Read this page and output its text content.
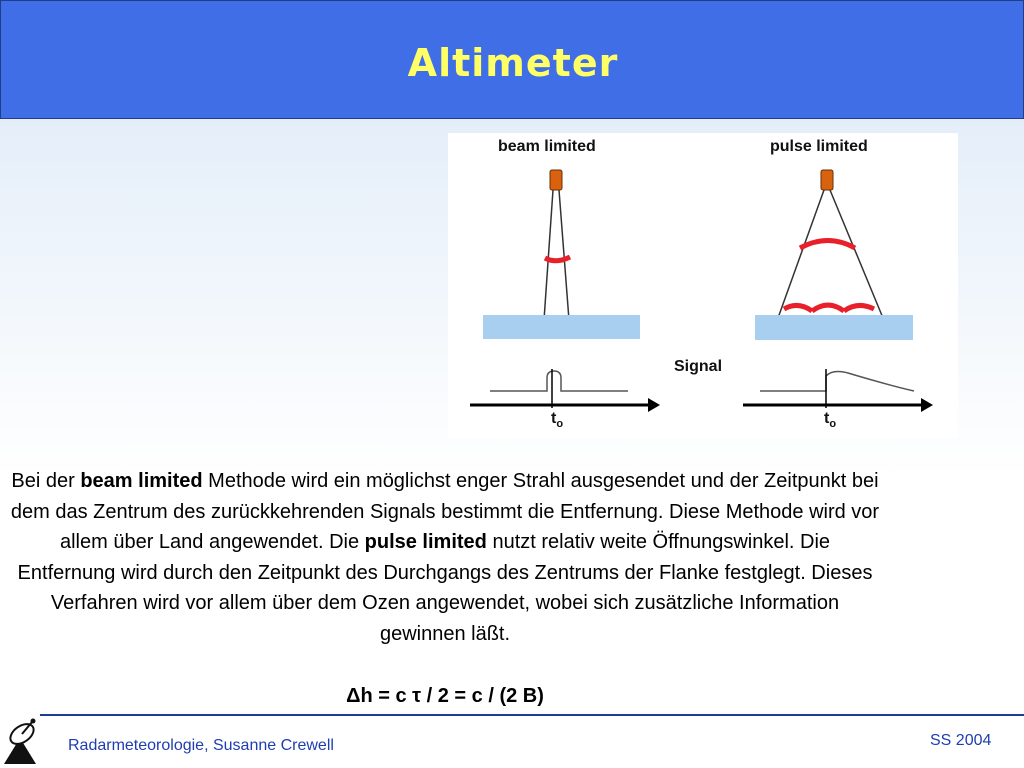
Altimeter
beam limited	pulse limited
Signal
$t_o$	$t_o$
Bei der beam limited Methode wird ein möglichst enger Strahl ausgesendet und der Zeitpunkt bei dem das Zentrum des zurückkehrenden Signals bestimmt die Entfernung. Diese Methode wird vor allem über Land angewendet. Die pulse limited nutzt relativ weite Öffnungswinkel. Die Entfernung wird durch den Zeitpunkt des Durchgangs des Zentrums der Flanke festglegt. Dieses Verfahren wird vor allem über dem Ozen angewendet, wobei sich zusätzliche Information gewinnen läßt.
Δh = c τ / 2 = c / (2 B)
Radarmeteorologie, Susanne Crewell	SS 2004
